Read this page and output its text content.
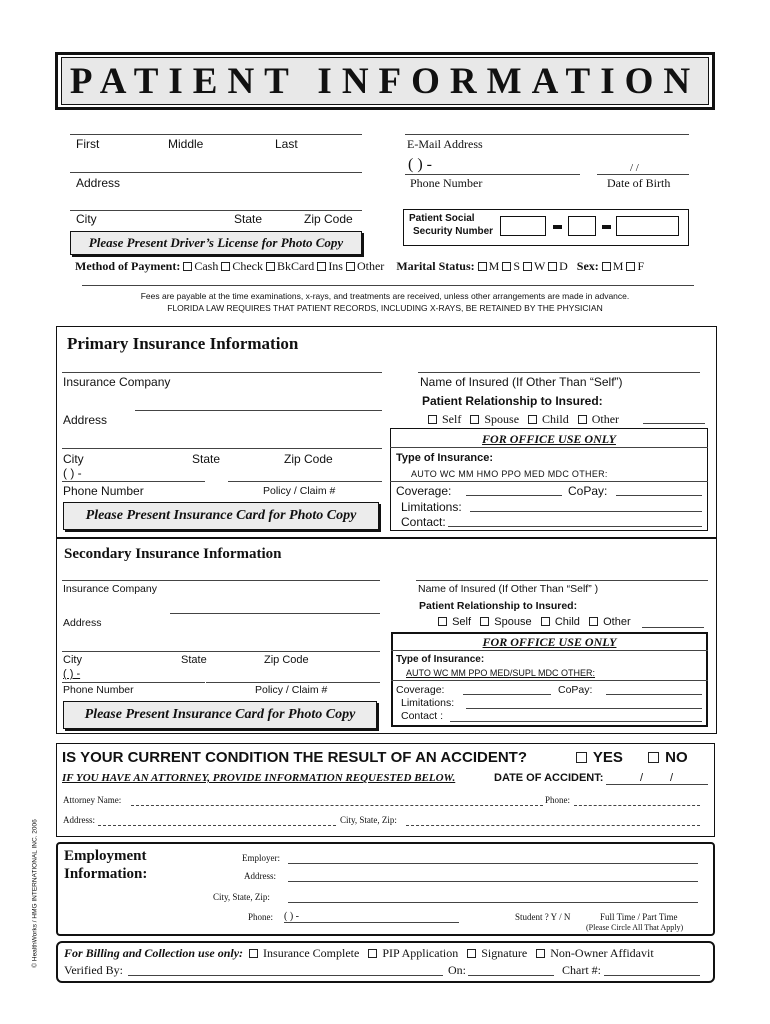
PATIENT INFORMATION
First	Middle	Last	E-Mail Address
Address
( ) -
Phone Number
/ /
Date of Birth
City	State	Zip Code
Please Present Driver’s License for Photo Copy
Patient Social
Security Number
Method of Payment: Cash Check BkCard Ins Other Marital Status: M S W D Sex: M F
Fees are payable at the time examinations, x-rays, and treatments are received, unless other arrangements are made in advance.
FLORIDA LAW REQUIRES THAT PATIENT RECORDS, INCLUDING X-RAYS, BE RETAINED BY THE PHYSICIAN
Primary Insurance Information
Insurance Company	Name of Insured (If Other Than “Self”)
Patient Relationship to Insured:
Self Spouse Child Other
Address
FOR OFFICE USE ONLY
Type of Insurance:
AUTO WC MM HMO PPO MED MDC OTHER:
Coverage:	CoPay:
Limitations:
Contact:
City	State	Zip Code
( ) -
Phone Number	Policy / Claim #
Please Present Insurance Card for Photo Copy
Secondary Insurance Information
Insurance Company	Name of Insured (If Other Than “Self” )
Patient Relationship to Insured:
Self Spouse Child Other
Address
FOR OFFICE USE ONLY
Type of Insurance:
AUTO WC MM PPO MED/SUPL MDC OTHER:
Coverage:	CoPay:
Limitations:
Contact :
City	State	Zip Code
( ) -
Phone Number	Policy / Claim #
Please Present Insurance Card for Photo Copy
IS YOUR CURRENT CONDITION THE RESULT OF AN ACCIDENT?	YES	NO
IF YOU HAVE AN ATTORNEY, PROVIDE INFORMATION REQUESTED BELOW.	DATE OF ACCIDENT:	/ /
Attorney Name:	Phone:
Address:	City, State, Zip:
Employment
Information:
Employer:
Address:
City, State, Zip:
Phone: ( ) -	Student ? Y / N	Full Time / Part Time
(Please Circle All That Apply)
For Billing and Collection use only: Insurance Complete PIP Application Signature Non-Owner Affidavit
Verified By:	On:	Chart #:
© HealthWorks / HMG INTERNATIONAL INC. 2006
